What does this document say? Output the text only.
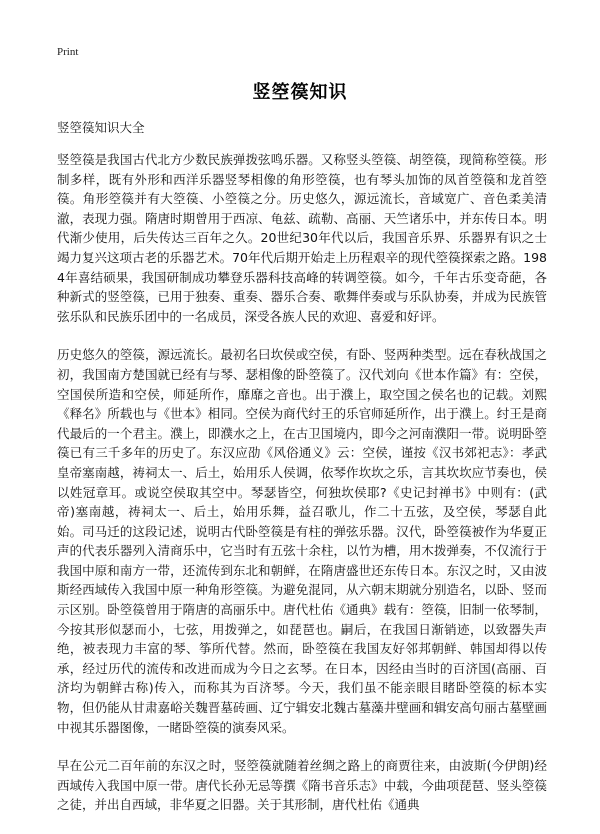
Print
竖箜篌知识
竖箜篌知识大全

竖箜篌是我国古代北方少数民族弹拨弦鸣乐器。又称竖头箜篌、胡箜篌，现简称箜篌。形制多样，既有外形和西洋乐器竖琴相像的角形箜篌，也有琴头加饰的凤首箜篌和龙首箜篌。角形箜篌并有大箜篌、小箜篌之分。历史悠久，源远流长，音域宽广、音色柔美清澈，表现力强。隋唐时期曾用于西凉、龟兹、疏勒、高丽、天竺诸乐中，并东传日本。明代渐少使用，后失传达三百年之久。20世纪30年代以后，我国音乐界、乐器界有识之士竭力复兴这项古老的乐器艺术。70年代后期开始走上历程艰辛的现代箜篌探索之路。1984年喜结硕果，我国研制成功攀登乐器科技高峰的转调箜篌。如今，千年古乐变奇葩，各种新式的竖箜篌，已用于独奏、重奏、器乐合奏、歌舞伴奏或与乐队协奏，并成为民族管弦乐队和民族乐团中的一名成员，深受各族人民的欢迎、喜爱和好评。

历史悠久的箜篌，源远流长。最初名曰坎侯或空侯，有卧、竖两种类型。远在春秋战国之初，我国南方楚国就已经有与琴、瑟相像的卧箜篌了。汉代刘向《世本作篇》有：空侯，空国侯所造和空侯，师延所作，靡靡之音也。出于濮上，取空国之侯名也的记载。刘熙《释名》所载也与《世本》相同。空侯为商代纣王的乐官师延所作，出于濮上。纣王是商代最后的一个君主。濮上，即濮水之上，在古卫国境内，即今之河南濮阳一带。说明卧箜篌已有三千多年的历史了。东汉应劭《风俗通义》云：空侯，谨按《汉书郊祀志》：孝武皇帝塞南越，祷祠太一、后土，始用乐人侯调，依琴作坎坎之乐，言其坎坎应节奏也，侯以姓冠章耳。或说空侯取其空中。琴瑟皆空，何独坎侯耶?《史记封禅书》中则有：(武帝)塞南越，祷祠太一、后土，始用乐舞，益召歌儿，作二十五弦，及空侯，琴瑟自此始。司马迁的这段记述，说明古代卧箜篌是有柱的弹弦乐器。汉代，卧箜篌被作为华夏正声的代表乐器列入清商乐中，它当时有五弦十余柱，以竹为槽，用木拨弹奏，不仅流行于我国中原和南方一带，还流传到东北和朝鲜，在隋唐盛世还东传日本。东汉之时，又由波斯经西域传入我国中原一种角形箜篌。为避免混同，从六朝末期就分别造名，以卧、竖而示区别。卧箜篌曾用于隋唐的高丽乐中。唐代杜佑《通典》载有：箜篌，旧制一依琴制，今按其形似瑟而小，七弦，用拨弹之，如琵琶也。嗣后，在我国日渐销迹，以致器失声绝，被表现力丰富的琴、筝所代替。然而，卧箜篌在我国友好邻邦朝鲜、韩国却得以传承，经过历代的流传和改进而成为今日之玄琴。在日本，因经由当时的百济国(高丽、百济均为朝鲜古称)传入，而称其为百济琴。今天，我们虽不能亲眼目睹卧箜篌的标本实物，但仍能从甘肃嘉峪关魏晋墓砖画、辽宁辑安北魏古墓藻井壁画和辑安高句丽古墓壁画中视其乐器图像，一睹卧箜篌的演奏风采。

早在公元二百年前的东汉之时，竖箜篌就随着丝绸之路上的商贾往来，由波斯(今伊朗)经西域传入我国中原一带。唐代长孙无忌等撰《隋书音乐志》中载，今曲项琵琶、竖头箜篌之徒，并出自西域，非华夏之旧器。关于其形制，唐代杜佑《通典
